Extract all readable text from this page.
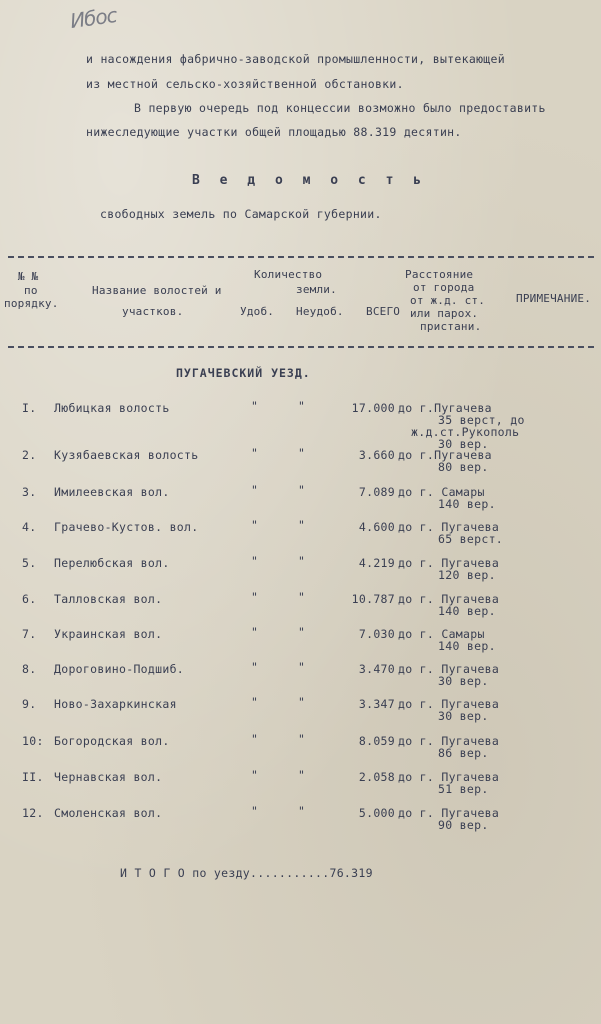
Ибос
и насождения фабрично-заводской промышленности, вытекающей
из местной сельско-хозяйственной обстановки.
В первую очередь под концессии возможно было предоставить
нижеследующие участки общей площадью 88.319 десятин.
В е д о м о с т ь
свободных земель по Самарской губернии.
№ №
по
порядку.
Название волостей и
участков.
Количество
земли.
Удоб. Неудоб. ВСЕГО
Расстояние
от города
от ж.д. ст.
или парох.
пристани.
ПРИМЕЧАНИЕ.
ПУГАЧЕВСКИЙ УЕЗД.
I. Любицкая волость	"	"	17.000 до г.Пугачева
35 верст, до
ж.д.ст.Рукополь
30 вер.
2. Кузябаевская волость	"	"	3.660 до г.Пугачева
80 вер.
3. Имилеевская вол.	"	"	7.089 до г. Самары
140 вер.
4. Грачево-Кустов. вол.	"	"	4.600 до г. Пугачева
65 верст.
5. Перелюбская вол.	"	"	4.219 до г. Пугачева
120 вер.
6. Талловская вол.	"	"	10.787 до г. Пугачева
140 вер.
7. Украинская вол.	"	"	7.030 до г. Самары
140 вер.
8. Дороговино-Подшиб.	"	"	3.470 до г. Пугачева
30 вер.
9. Ново-Захаркинская	"	"	3.347 до г. Пугачева
30 вер.
10: Богородская вол.	"	"	8.059 до г. Пугачева
86 вер.
II. Чернавская вол.	"	"	2.058 до г. Пугачева
51 вер.
12. Смоленская вол.	"	"	5.000 до г. Пугачева
90 вер.
И Т О Г О по уезду...........76.319
